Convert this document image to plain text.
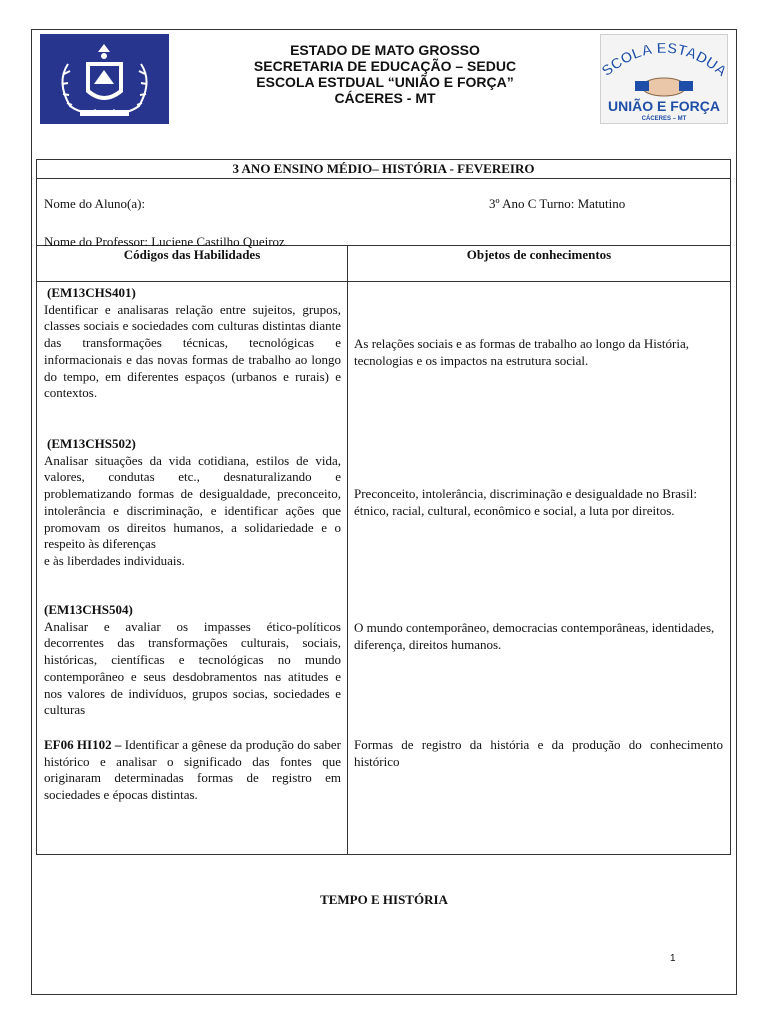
ESTADO DE MATO GROSSO
SECRETARIA DE EDUCAÇÃO – SEDUC
ESCOLA ESTDUAL “UNIÃO E FORÇA”
CÁCERES - MT
COLA ESTADU
UNIÃO E FORÇA
CÁCERES – MT
3 ANO ENSINO MÉDIO– HISTÓRIA - FEVEREIRO
Nome do Aluno(a):	3º Ano C Turno: Matutino
Nome do Professor: Luciene Castilho Queiroz
Códigos das Habilidades	Objetos de conhecimentos
(EM13CHS401)
Identificar e analisaras relação entre sujeitos, grupos, classes sociais e sociedades com culturas distintas diante das transformações técnicas, tecnológicas e informacionais e das novas formas de trabalho ao longo do tempo, em diferentes espaços (urbanos e rurais) e contextos.
(EM13CHS502)
Analisar situações da vida cotidiana, estilos de vida, valores, condutas etc., desnaturalizando e problematizando formas de desigualdade, preconceito, intolerância e discriminação, e identificar ações que promovam os direitos humanos, a solidariedade e o respeito às diferenças
e às liberdades individuais.
(EM13CHS504)
Analisar e avaliar os impasses ético-políticos decorrentes das transformações culturais, sociais, históricas, científicas e tecnológicas no mundo contemporâneo e seus desdobramentos nas atitudes e nos valores de indivíduos, grupos socias, sociedades e culturas
EF06 HI102 – Identificar a gênese da produção do saber histórico e analisar o significado das fontes que originaram determinadas formas de registro em sociedades e épocas distintas.
As relações sociais e as formas de trabalho ao longo da História, tecnologias e os impactos na estrutura social.
Preconceito, intolerância, discriminação e desigualdade no Brasil: étnico, racial, cultural, econômico e social, a luta por direitos.
O mundo contemporâneo, democracias contemporâneas, identidades, diferença, direitos humanos.
Formas de registro da história e da produção do conhecimento histórico
TEMPO E HISTÓRIA
1
